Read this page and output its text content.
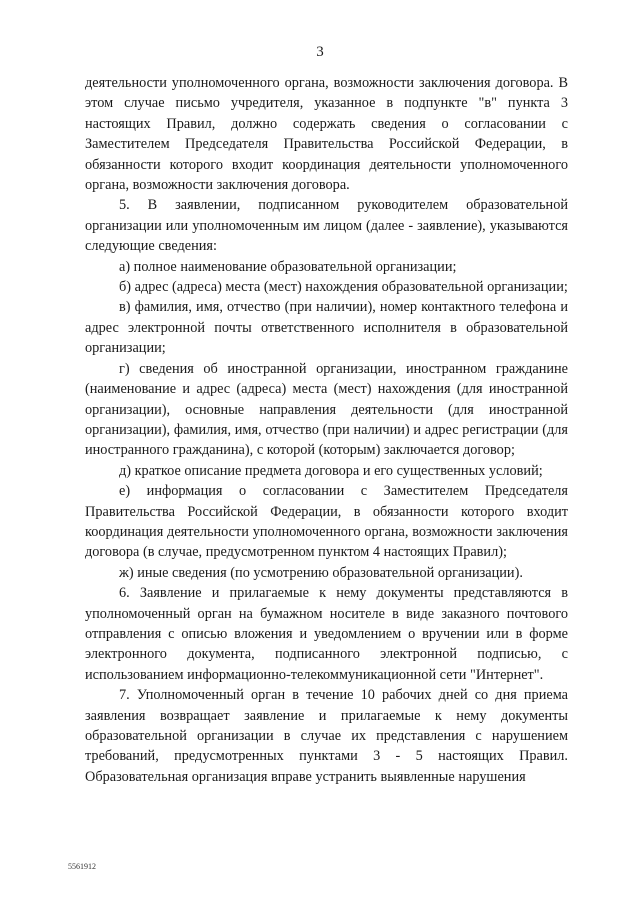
3

деятельности уполномоченного органа, возможности заключения договора. В этом случае письмо учредителя, указанное в подпункте "в" пункта 3 настоящих Правил, должно содержать сведения о согласовании с Заместителем Председателя Правительства Российской Федерации, в обязанности которого входит координация деятельности уполномоченного органа, возможности заключения договора.

5. В заявлении, подписанном руководителем образовательной организации или уполномоченным им лицом (далее - заявление), указываются следующие сведения:

а) полное наименование образовательной организации;

б) адрес (адреса) места (мест) нахождения образовательной организации;

в) фамилия, имя, отчество (при наличии), номер контактного телефона и адрес электронной почты ответственного исполнителя в образовательной организации;

г) сведения об иностранной организации, иностранном гражданине (наименование и адрес (адреса) места (мест) нахождения (для иностранной организации), основные направления деятельности (для иностранной организации), фамилия, имя, отчество (при наличии) и адрес регистрации (для иностранного гражданина), с которой (которым) заключается договор;

д) краткое описание предмета договора и его существенных условий;

е) информация о согласовании с Заместителем Председателя Правительства Российской Федерации, в обязанности которого входит координация деятельности уполномоченного органа, возможности заключения договора (в случае, предусмотренном пунктом 4 настоящих Правил);

ж) иные сведения (по усмотрению образовательной организации).

6. Заявление и прилагаемые к нему документы представляются в уполномоченный орган на бумажном носителе в виде заказного почтового отправления с описью вложения и уведомлением о вручении или в форме электронного документа, подписанного электронной подписью, с использованием информационно-телекоммуникационной сети "Интернет".

7. Уполномоченный орган в течение 10 рабочих дней со дня приема заявления возвращает заявление и прилагаемые к нему документы образовательной организации в случае их представления с нарушением требований, предусмотренных пунктами 3 - 5 настоящих Правил. Образовательная организация вправе устранить выявленные нарушения

5561912
